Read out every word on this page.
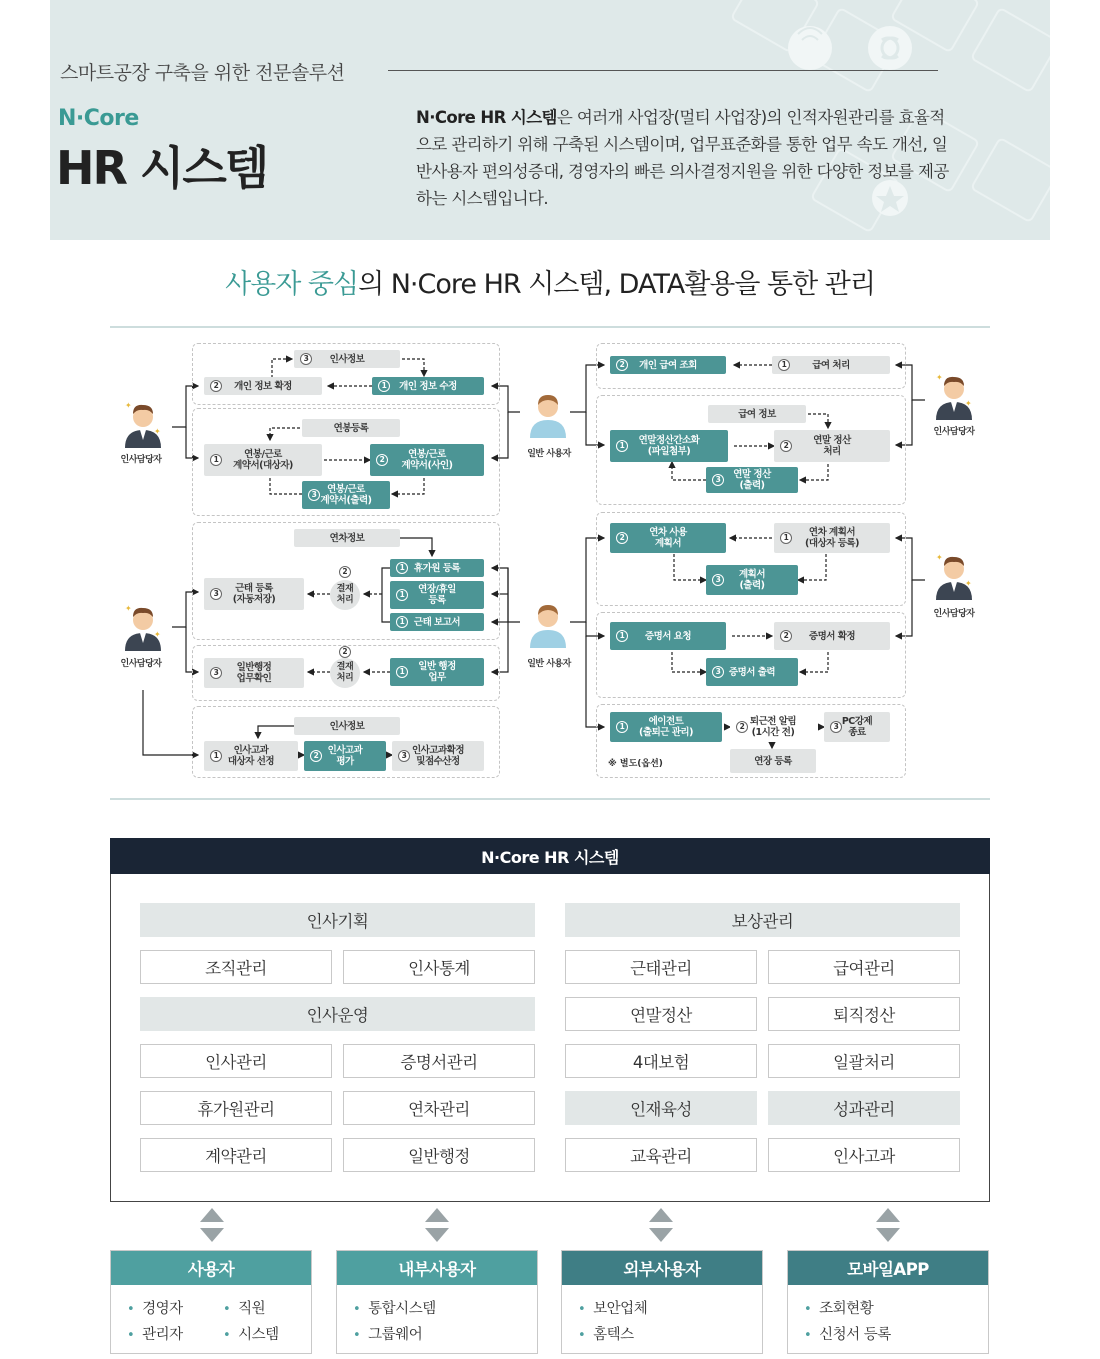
스마트공장 구축을 위한 전문솔루션
N·Core
HR 시스템
N·Core HR 시스템은 여러개 사업장(멀티 사업장)의 인적자원관리를 효율적으로 관리하기 위해 구축된 시스템이며, 업무표준화를 통한 업무 속도 개선, 일반사용자 편의성증대, 경영자의 빠른 의사결정지원을 위한 다양한 정보를 제공하는 시스템입니다.
사용자 중심의 N·Core HR 시스템, DATA활용을 통한 관리
✦
✦
인사담당자
✦
✦
인사담당자
일반 사용자
일반 사용자
✦
✦
인사담당자
✦
✦
인사담당자
3	인사정보
2	개인 정보 확정	1	개인 정보 수정
연봉등록
1	연봉/근로
계약서(대상자)
2	연봉/근로
계약서(사인)
3	연봉/근로
계약서(출력)
연차정보
1	휴가원 등록
1	연장/휴일
등록
1	근태 보고서
결재
처리
2
3	근태 등록
(자동저장)
1	일반 행정
업무
결재
처리
2
3	일반행정
업무확인
인사정보
1	인사고과
대상자 선정
2 인사고과
평가
3 인사고과확정
및점수산정
2	개인 급여 조회	1	급여 처리
급여 정보
1	연말정산간소화
(파일첨부)
2	연말 정산
처리
3	연말 정산
(출력)
2	연차 사용
계획서
1	연차 계획서
(대상자 등록)
3	계획서
(출력)
1	증명서 요청	2	증명서 확정
3 증명서 출력
1	에이전트
(출퇴근 관리)
2 퇴근전 알림
(1시간 전)
3 PC강제
종료
연장 등록
※ 별도(옵션)
N·Core HR 시스템
인사기획	보상관리
조직관리	인사통계	근태관리	급여관리
인사운영	연말정산	퇴직정산
인사관리	증명서관리	4대보험	일괄처리
휴가원관리	연차관리	인재육성	성과관리
계약관리	일반행정	교육관리	인사고과
사용자
• 경영자	• 직원
• 관리자	• 시스템
내부사용자
• 통합시스템
• 그룹웨어
외부사용자
• 보안업체
• 홈텍스
모바일APP
• 조회현황
• 신청서 등록
